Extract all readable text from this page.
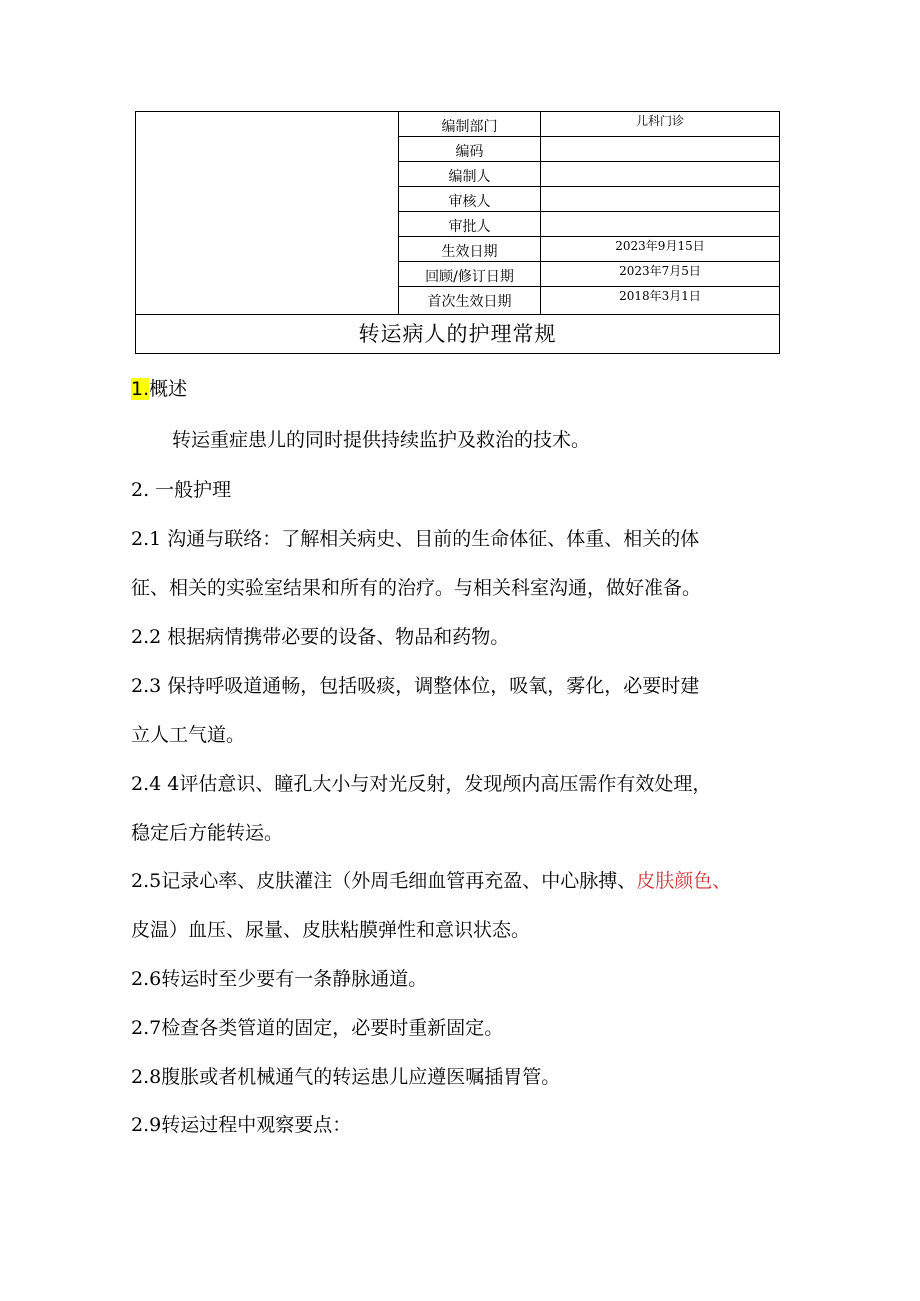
编制部门	儿科门诊
编码
编制人
审核人
审批人
生效日期	2023年9月15日
回顾/修订日期	2023年7月5日
首次生效日期	2018年3月1日
转运病人的护理常规
1.概述
转运重症患儿的同时提供持续监护及救治的技术。
2. 一般护理
2.1 沟通与联络：了解相关病史、目前的生命体征、体重、相关的体
征、相关的实验室结果和所有的治疗。与相关科室沟通，做好准备。
2.2 根据病情携带必要的设备、物品和药物。
2.3 保持呼吸道通畅，包括吸痰，调整体位，吸氧，雾化，必要时建
立人工气道。
2.4 4评估意识、瞳孔大小与对光反射，发现颅内高压需作有效处理，
稳定后方能转运。
2.5记录心率、皮肤灌注（外周毛细血管再充盈、中心脉搏、皮肤颜色、
皮温）血压、尿量、皮肤粘膜弹性和意识状态。
2.6转运时至少要有一条静脉通道。
2.7检查各类管道的固定，必要时重新固定。
2.8腹胀或者机械通气的转运患儿应遵医嘱插胃管。
2.9转运过程中观察要点：
